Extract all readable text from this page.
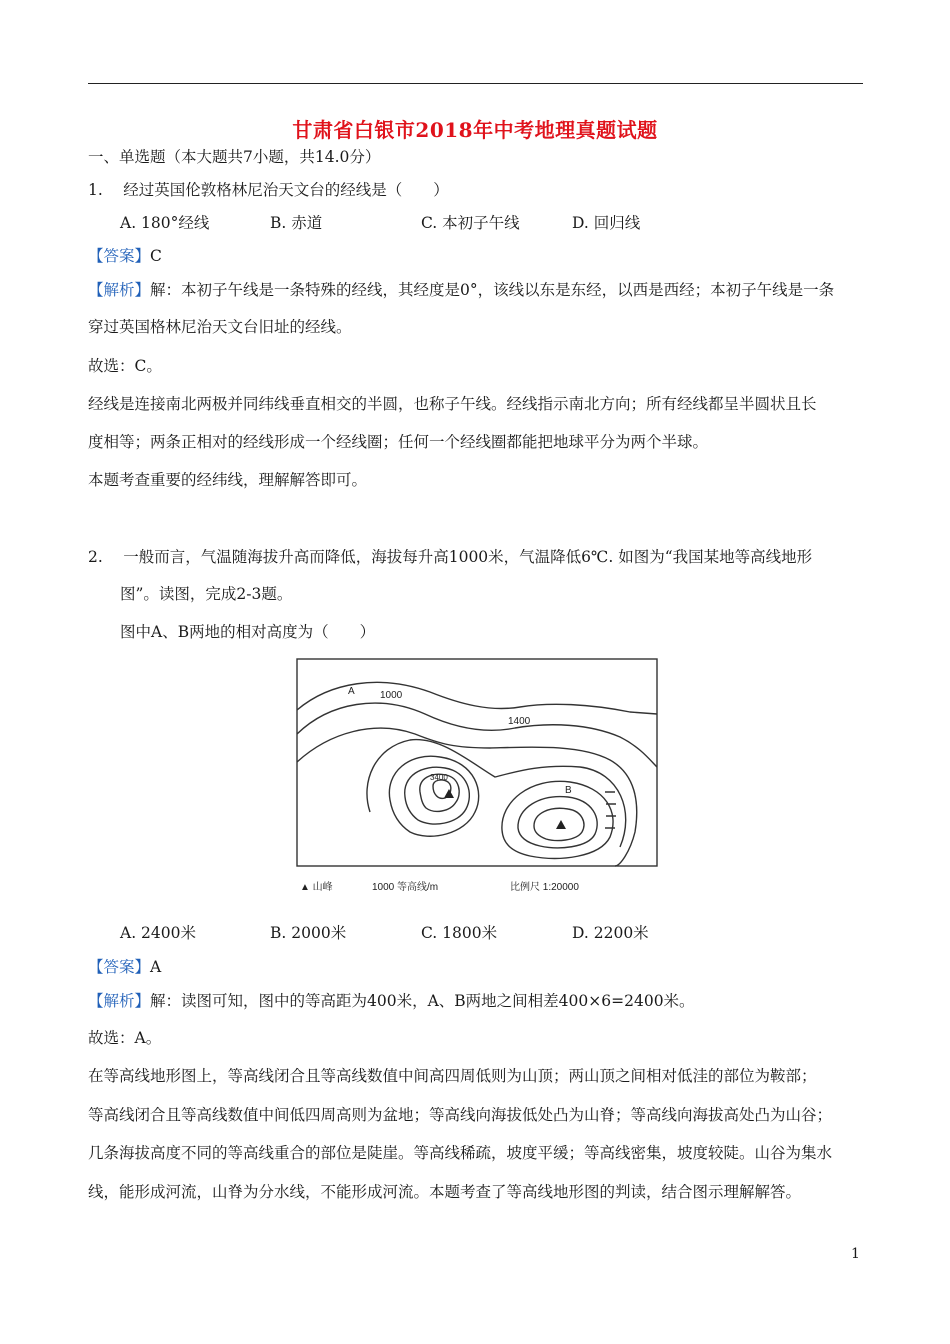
甘肃省白银市2018年中考地理真题试题
一、单选题（本大题共7小题，共14.0分）
1.　 经过英国伦敦格林尼治天文台的经线是（　　）
A. 180°经线	B. 赤道	C. 本初子午线	D. 回归线
【答案】C
【解析】解：本初子午线是一条特殊的经线，其经度是0°，该线以东是东经，以西是西经；本初子午线是一条
穿过英国格林尼治天文台旧址的经线。
故选：C。
经线是连接南北两极并同纬线垂直相交的半圆，也称子午线。经线指示南北方向；所有经线都呈半圆状且长
度相等；两条正相对的经线形成一个经线圈；任何一个经线圈都能把地球平分为两个半球。
本题考查重要的经纬线，理解解答即可。
2.　 一般而言，气温随海拔升高而降低，海拔每升高1000米，气温降低6℃. 如图为“我国某地等高线地形
图”。读图，完成2-3题。
图中A、B两地的相对高度为（　　）
A	1000
1400
3400
B
▲ 山峰	1000 等高线/m	比例尺 1:20000
A. 2400米	B. 2000米	C. 1800米	D. 2200米
【答案】A
【解析】解：读图可知，图中的等高距为400米，A、B两地之间相差400×6=2400米。
故选：A。
在等高线地形图上，等高线闭合且等高线数值中间高四周低则为山顶；两山顶之间相对低洼的部位为鞍部；
等高线闭合且等高线数值中间低四周高则为盆地；等高线向海拔低处凸为山脊；等高线向海拔高处凸为山谷；
几条海拔高度不同的等高线重合的部位是陡崖。等高线稀疏，坡度平缓；等高线密集，坡度较陡。山谷为集水
线，能形成河流，山脊为分水线，不能形成河流。本题考查了等高线地形图的判读，结合图示理解解答。
1
